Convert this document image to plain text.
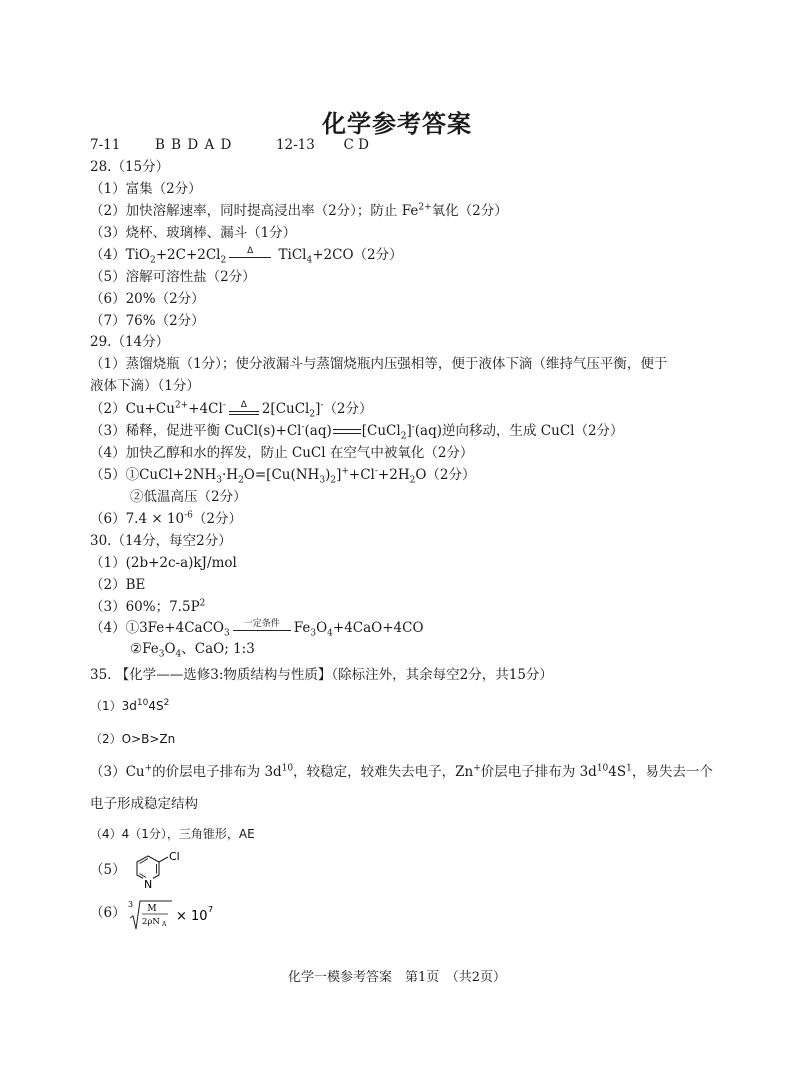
化学参考答案
7-11	B B D A D	12-13 C D
28.（15分）
（1）富集（2分）
（2）加快溶解速率，同时提高浸出率（2分）；防止 $Fe^{2+}$氧化（2分）
（3）烧杯、玻璃棒、漏斗（1分）
$(4)TiO_2+2C+2Cl_2$
Δ	TiCl$_4$+2CO（2分）
（5）溶解可溶性盐（2分）
（6）20%（2分）
（7）76%（2分）
29.（14分）
（1）蒸馏烧瓶（1分）；使分液漏斗与蒸馏烧瓶内压强相等，便于液体下滴（维持气压平衡，便于
液体下滴）（1分）
$(2)Cu+Cu^{2+}+4Cl^-$	Δ	2[CuCl$_2$]-（2分）
（3）稀释，促进平衡 CuCl(s)+Cl-(aq) [CuCl$_2$]-(aq)逆向移动，生成 CuCl（2分）
（4）加快乙醇和水的挥发，防止 CuCl 在空气中被氧化（2分）
$(5)①CuCl+2NH_3\cdot H_2O=[Cu(NH_3)_2]^++Cl^-+2H_2O(2$分）
②低温高压（2分）
$(6)7.4 \times 10^{-6}(2$分）
30.（14分，每空2分）
（1）(2b+2c-a)kJ/mol
（2）BE
（3）60%；$7.5P^2$
（4）①3Fe+4CaCO$_3$
一定条件	$Fe_3O_4+4CaO+4CO$
$②Fe_3O_4$、CaO; 1:3
35. 【化学——选修3:物质结构与性质】（除标注外，其余每空2分，共15分）
$(1)3d^{10}4S^2$
（2）O>B>Zn
（3）Cu+的价层电子排布为 $3d^{10}$，较稳定，较难失去电子，Zn+价层电子排布为 $3d^{10}4S^1$，易失去一个
电子形成稳定结构
（4）4（1分），三角锥形，AE
（5）
Cl
N
（6）
3 M
2ρN A
× 10 7
化学一模参考答案　第1页　（共2页）
